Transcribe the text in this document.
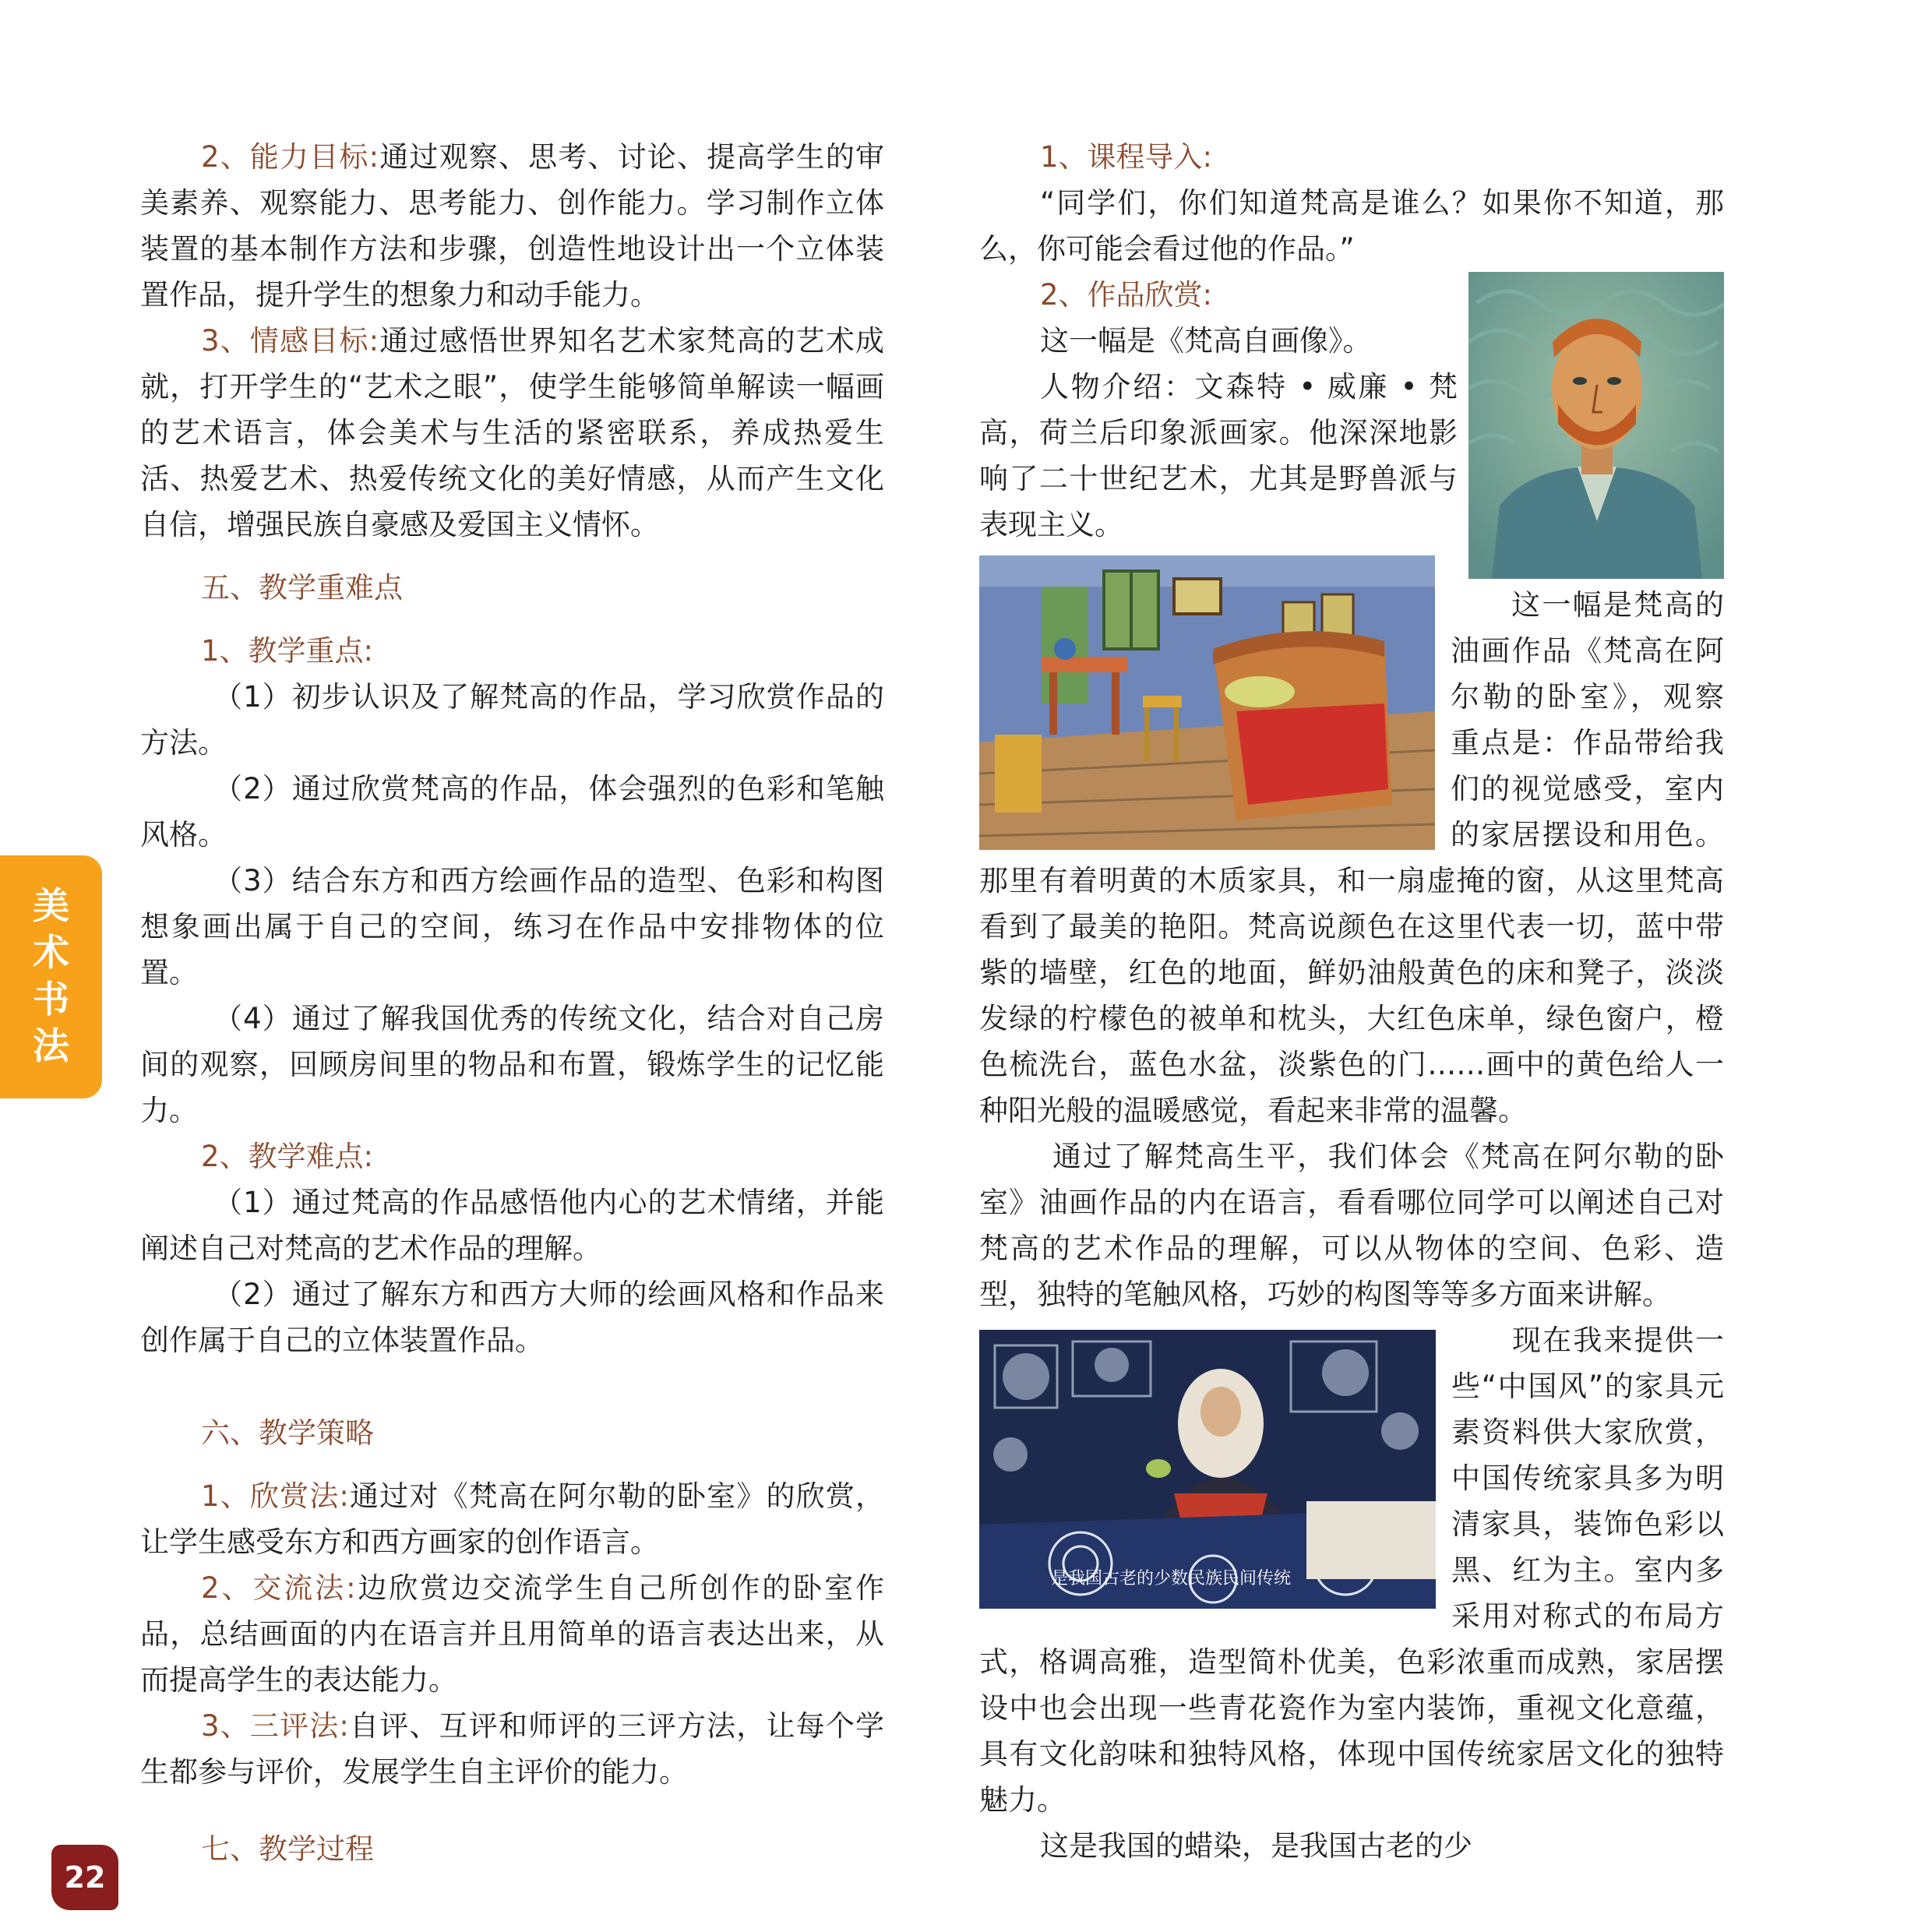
2、能力目标:通过观察、思考、讨论、提高学生的审美素养、观察能力、思考能力、创作能力。学习制作立体装置的基本制作方法和步骤，创造性地设计出一个立体装置作品，提升学生的想象力和动手能力。

3、情感目标:通过感悟世界知名艺术家梵高的艺术成就，打开学生的“艺术之眼”，使学生能够简单解读一幅画的艺术语言，体会美术与生活的紧密联系，养成热爱生活、热爱艺术、热爱传统文化的美好情感，从而产生文化自信，增强民族自豪感及爱国主义情怀。

五、教学重难点

1、教学重点:

（1）初步认识及了解梵高的作品，学习欣赏作品的方法。

（2）通过欣赏梵高的作品，体会强烈的色彩和笔触风格。

（3）结合东方和西方绘画作品的造型、色彩和构图想象画出属于自己的空间，练习在作品中安排物体的位置。

（4）通过了解我国优秀的传统文化，结合对自己房间的观察，回顾房间里的物品和布置，锻炼学生的记忆能力。

2、教学难点:

（1）通过梵高的作品感悟他内心的艺术情绪，并能阐述自己对梵高的艺术作品的理解。

（2）通过了解东方和西方大师的绘画风格和作品来创作属于自己的立体装置作品。

六、教学策略

1、欣赏法:通过对《梵高在阿尔勒的卧室》的欣赏，让学生感受东方和西方画家的创作语言。

2、交流法:边欣赏边交流学生自己所创作的卧室作品，总结画面的内在语言并且用简单的语言表达出来，从而提高学生的表达能力。

3、三评法:自评、互评和师评的三评方法，让每个学生都参与评价，发展学生自主评价的能力。

七、教学过程

1、课程导入:

“同学们，你们知道梵高是谁么？如果你不知道，那么，你可能会看过他的作品。”

2、作品欣赏:

这一幅是《梵高自画像》。

人物介绍：文森特 • 威廉 • 梵高，荷兰后印象派画家。他深深地影响了二十世纪艺术，尤其是野兽派与表现主义。

这一幅是梵高的油画作品《梵高在阿尔勒的卧室》，观察重点是：作品带给我们的视觉感受，室内的家居摆设和用色。那里有着明黄的木质家具，和一扇虚掩的窗，从这里梵高看到了最美的艳阳。梵高说颜色在这里代表一切，蓝中带紫的墙壁，红色的地面，鲜奶油般黄色的床和凳子，淡淡发绿的柠檬色的被单和枕头，大红色床单，绿色窗户，橙色梳洗台，蓝色水盆，淡紫色的门……画中的黄色给人一种阳光般的温暖感觉，看起来非常的温馨。

通过了解梵高生平，我们体会《梵高在阿尔勒的卧室》油画作品的内在语言，看看哪位同学可以阐述自己对梵高的艺术作品的理解，可以从物体的空间、色彩、造型，独特的笔触风格，巧妙的构图等等多方面来讲解。

是我国古老的少数民族民间传统
现在我来提供一些“中国风”的家具元素资料供大家欣赏，中国传统家具多为明清家具，装饰色彩以黑、红为主。室内多采用对称式的布局方式，格调高雅，造型简朴优美，色彩浓重而成熟，家居摆设中也会出现一些青花瓷作为室内装饰，重视文化意蕴，具有文化韵味和独特风格，体现中国传统家居文化的独特魅力。

这是我国的蜡染，是我国古老的少

美
术
书
法
22
